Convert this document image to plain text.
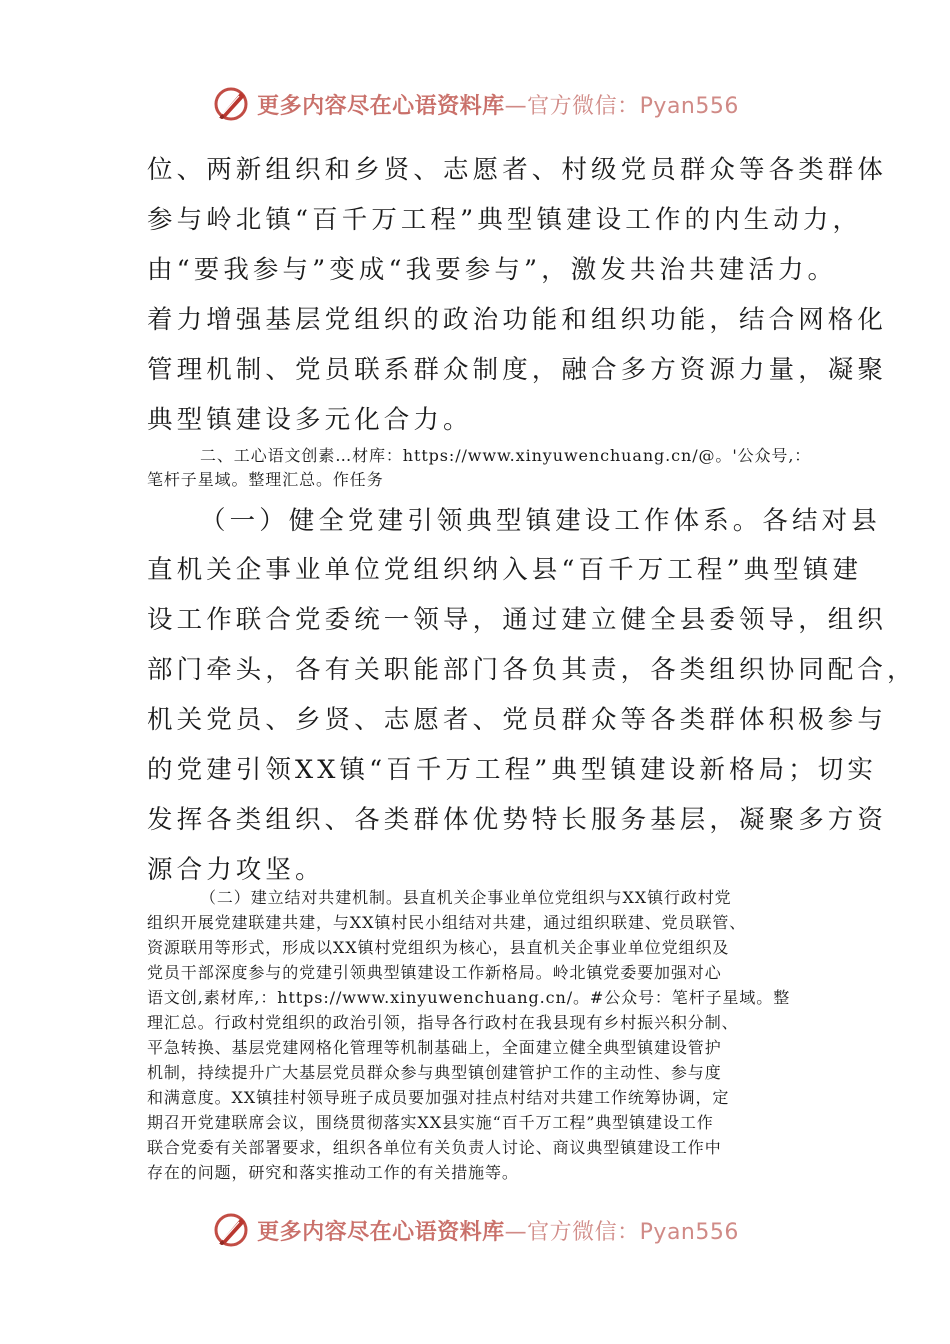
更多内容尽在心语资料库—官方微信：Pyan556

位、两新组织和乡贤、志愿者、村级党员群众等各类群体

参与岭北镇“百千万工程”典型镇建设工作的内生动力，

由“要我参与”变成“我要参与”，激发共治共建活力。

着力增强基层党组织的政治功能和组织功能，结合网格化

管理机制、党员联系群众制度，融合多方资源力量，凝聚

典型镇建设多元化合力。

二、工心语文创素…材库：https://www.xinyuwenchuang.cn/@。'公众号,：

笔杆子星域。整理汇总。作任务

（一）健全党建引领典型镇建设工作体系。各结对县

直机关企事业单位党组织纳入县“百千万工程”典型镇建

设工作联合党委统一领导，通过建立健全县委领导，组织

部门牵头，各有关职能部门各负其责，各类组织协同配合，

机关党员、乡贤、志愿者、党员群众等各类群体积极参与

的党建引领XX镇“百千万工程”典型镇建设新格局；切实

发挥各类组织、各类群体优势特长服务基层，凝聚多方资

源合力攻坚。

（二）建立结对共建机制。县直机关企事业单位党组织与XX镇行政村党

组织开展党建联建共建，与XX镇村民小组结对共建，通过组织联建、党员联管、

资源联用等形式，形成以XX镇村党组织为核心，县直机关企事业单位党组织及

党员干部深度参与的党建引领典型镇建设工作新格局。岭北镇党委要加强对心

语文创,素材库,：https://www.xinyuwenchuang.cn/。#公众号：笔杆子星域。整

理汇总。行政村党组织的政治引领，指导各行政村在我县现有乡村振兴积分制、

平急转换、基层党建网格化管理等机制基础上，全面建立健全典型镇建设管护

机制，持续提升广大基层党员群众参与典型镇创建管护工作的主动性、参与度

和满意度。XX镇挂村领导班子成员要加强对挂点村结对共建工作统筹协调，定

期召开党建联席会议，围绕贯彻落实XX县实施“百千万工程”典型镇建设工作

联合党委有关部署要求，组织各单位有关负责人讨论、商议典型镇建设工作中

存在的问题，研究和落实推动工作的有关措施等。

更多内容尽在心语资料库—官方微信：Pyan556
